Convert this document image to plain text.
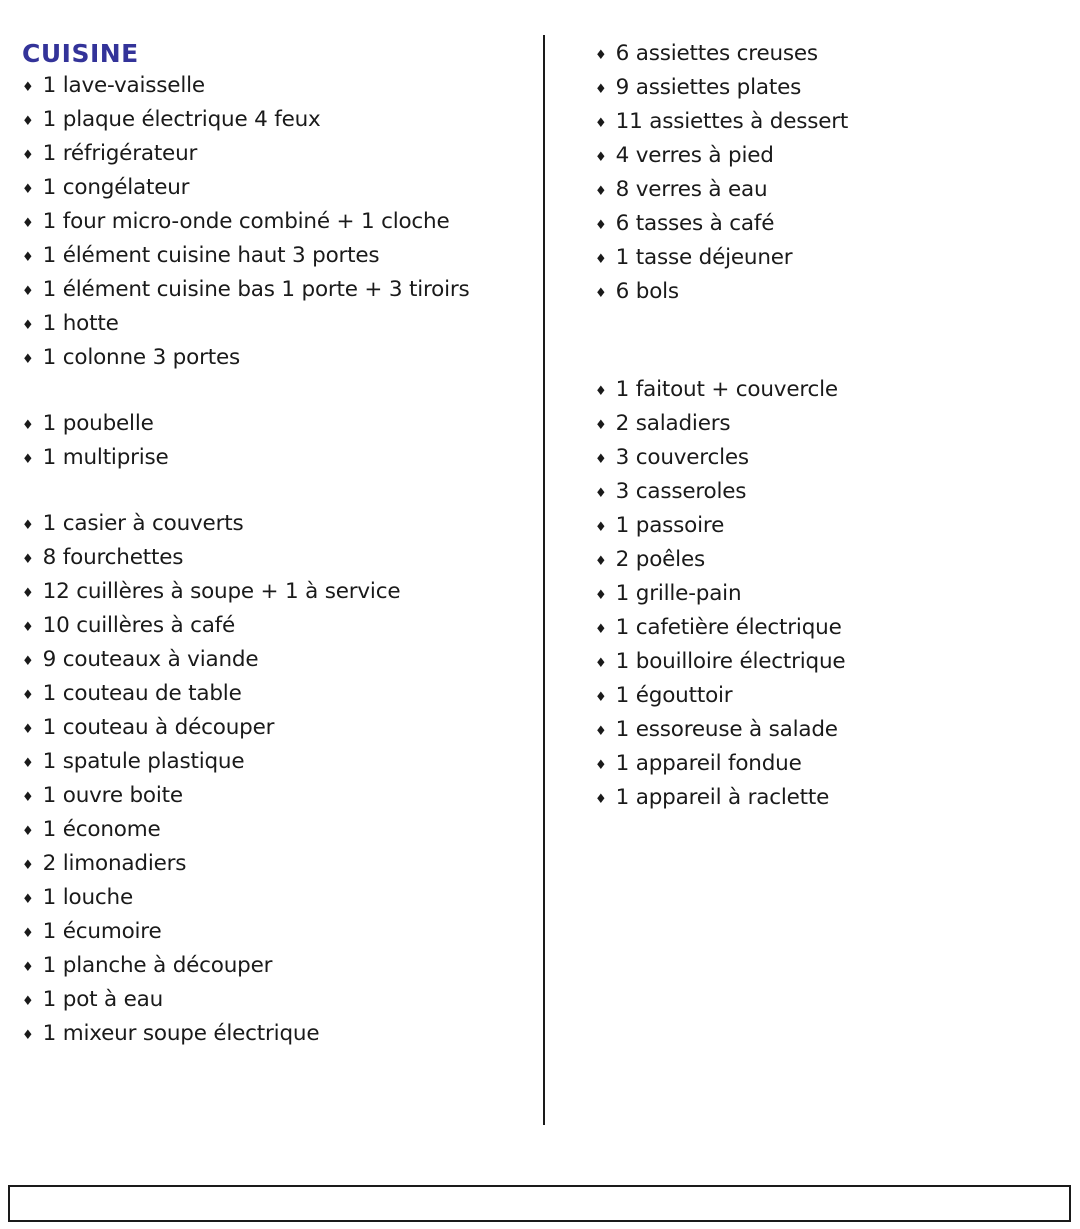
CUISINE
♦ 1 lave-vaisselle
♦ 1 plaque électrique 4 feux
♦ 1 réfrigérateur
♦ 1 congélateur
♦ 1 four micro-onde combiné + 1 cloche
♦ 1 élément cuisine haut 3 portes
♦ 1 élément cuisine bas 1 porte + 3 tiroirs
♦ 1 hotte
♦ 1 colonne 3 portes
♦ 1 poubelle
♦ 1 multiprise
♦ 1 casier à couverts
♦ 8 fourchettes
♦ 12 cuillères à soupe + 1 à service
♦ 10 cuillères à café
♦ 9 couteaux à viande
♦ 1 couteau de table
♦ 1 couteau à découper
♦ 1 spatule plastique
♦ 1 ouvre boite
♦ 1 économe
♦ 2 limonadiers
♦ 1 louche
♦ 1 écumoire
♦ 1 planche à découper
♦ 1 pot à eau
♦ 1 mixeur soupe électrique
♦ 6 assiettes creuses
♦ 9 assiettes plates
♦ 11 assiettes à dessert
♦ 4 verres à pied
♦ 8 verres à eau
♦ 6 tasses à café
♦ 1 tasse déjeuner
♦ 6 bols
♦ 1 faitout + couvercle
♦ 2 saladiers
♦ 3 couvercles
♦ 3 casseroles
♦ 1 passoire
♦ 2 poêles
♦ 1 grille-pain
♦ 1 cafetière électrique
♦ 1 bouilloire électrique
♦ 1 égouttoir
♦ 1 essoreuse à salade
♦ 1 appareil fondue
♦ 1 appareil à raclette
